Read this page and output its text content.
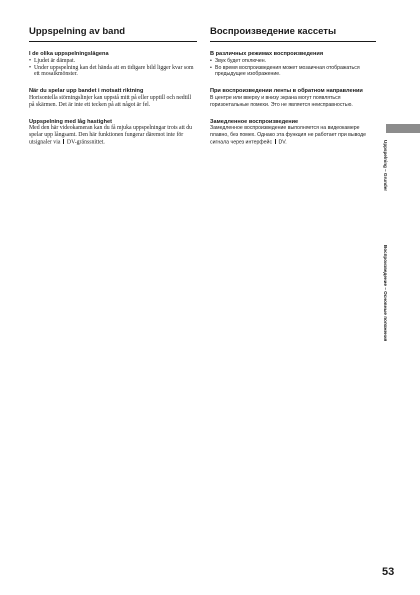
Uppspelning av band
I de olika uppspelningslägena
• Ljudet är dämpat.
• Under uppspelning kan det hända att en tidigare bild ligger kvar som ett mosaikmönster.
När du spelar upp bandet i motsatt riktning
Horisontella störningslinjer kan uppstå mitt på eller upptill och nedtill på skärmen. Det är inte ett tecken på att något är fel.
Uppspelning med låg hastighet
Med den här videokameran kan du få mjuka uppspelningar trots att du spelar upp långsamt. Den här funktionen fungerar däremot inte för utsignaler via DV-gränssnittet.
Воспроизведение кассеты
В различных режимах воспроизведения
• Звук будет отключен.
• Во время воспроизведения может мозаичная отображаться предыдущее изображение.
При воспроизведении ленты в обратном направлении
В центре или вверху и внизу экрана могут появляться горизонтальные помехи. Это не является неисправностью.
Замедленное воспроизведение
Замедленное воспроизведение выполняется на видеокамере плавно, без помех. Однако эта функция не работает при выводе сигнала через интерфейс DV.	Uppspelning – Grunder
Воспроизведение – Основные положения
53
